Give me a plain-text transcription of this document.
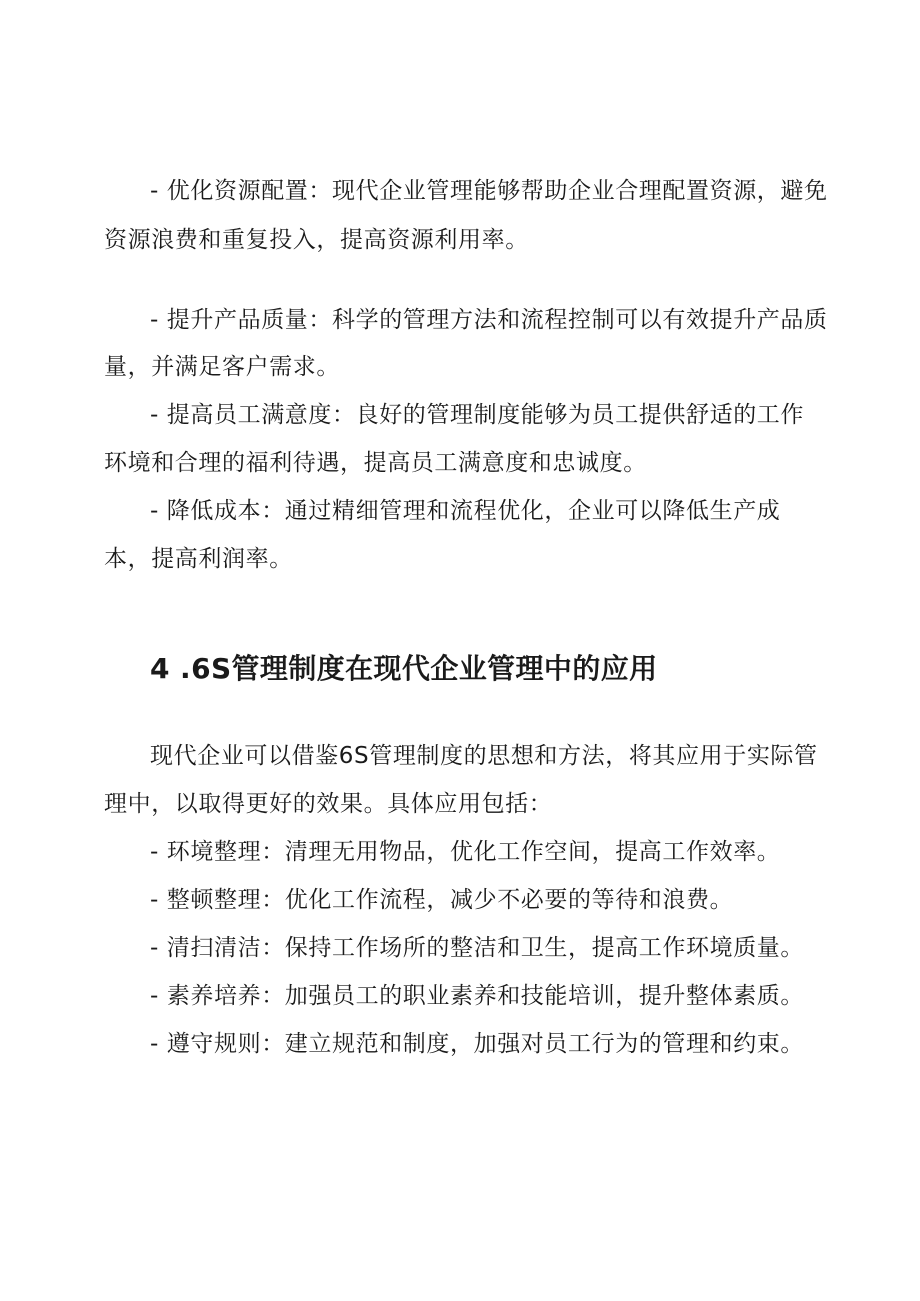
- 优化资源配置：现代企业管理能够帮助企业合理配置资源，避免
资源浪费和重复投入，提高资源利用率。
- 提升产品质量：科学的管理方法和流程控制可以有效提升产品质
量，并满足客户需求。
- 提高员工满意度：良好的管理制度能够为员工提供舒适的工作
环境和合理的福利待遇，提高员工满意度和忠诚度。
- 降低成本：通过精细管理和流程优化，企业可以降低生产成
本，提高利润率。
4 .6S管理制度在现代企业管理中的应用
现代企业可以借鉴6S管理制度的思想和方法，将其应用于实际管
理中，以取得更好的效果。具体应用包括：
- 环境整理：清理无用物品，优化工作空间，提高工作效率。
- 整顿整理：优化工作流程，减少不必要的等待和浪费。
- 清扫清洁：保持工作场所的整洁和卫生，提高工作环境质量。
- 素养培养：加强员工的职业素养和技能培训，提升整体素质。
- 遵守规则：建立规范和制度，加强对员工行为的管理和约束。
